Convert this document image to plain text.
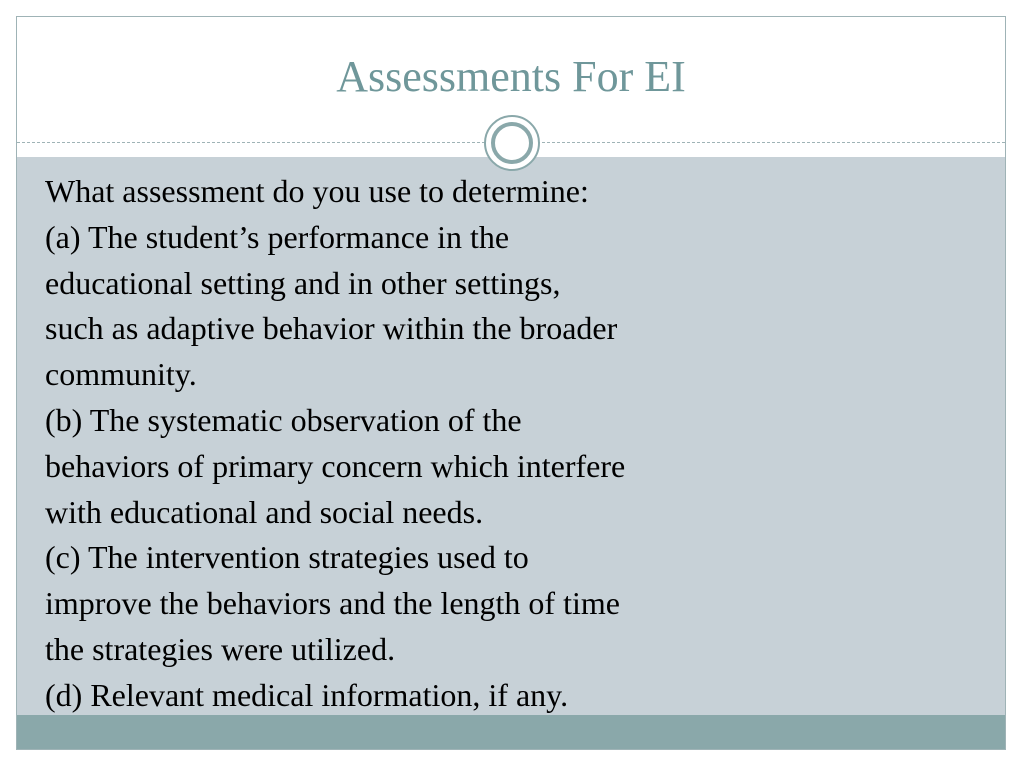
Assessments For EI
What assessment do you use to determine:
(a) The student’s performance in the
educational setting and in other settings,
such as adaptive behavior within the broader
community.
(b) The systematic observation of the
behaviors of primary concern which interfere
with educational and social needs.
(c) The intervention strategies used to
improve the behaviors and the length of time
the strategies were utilized.
(d) Relevant medical information, if any.
